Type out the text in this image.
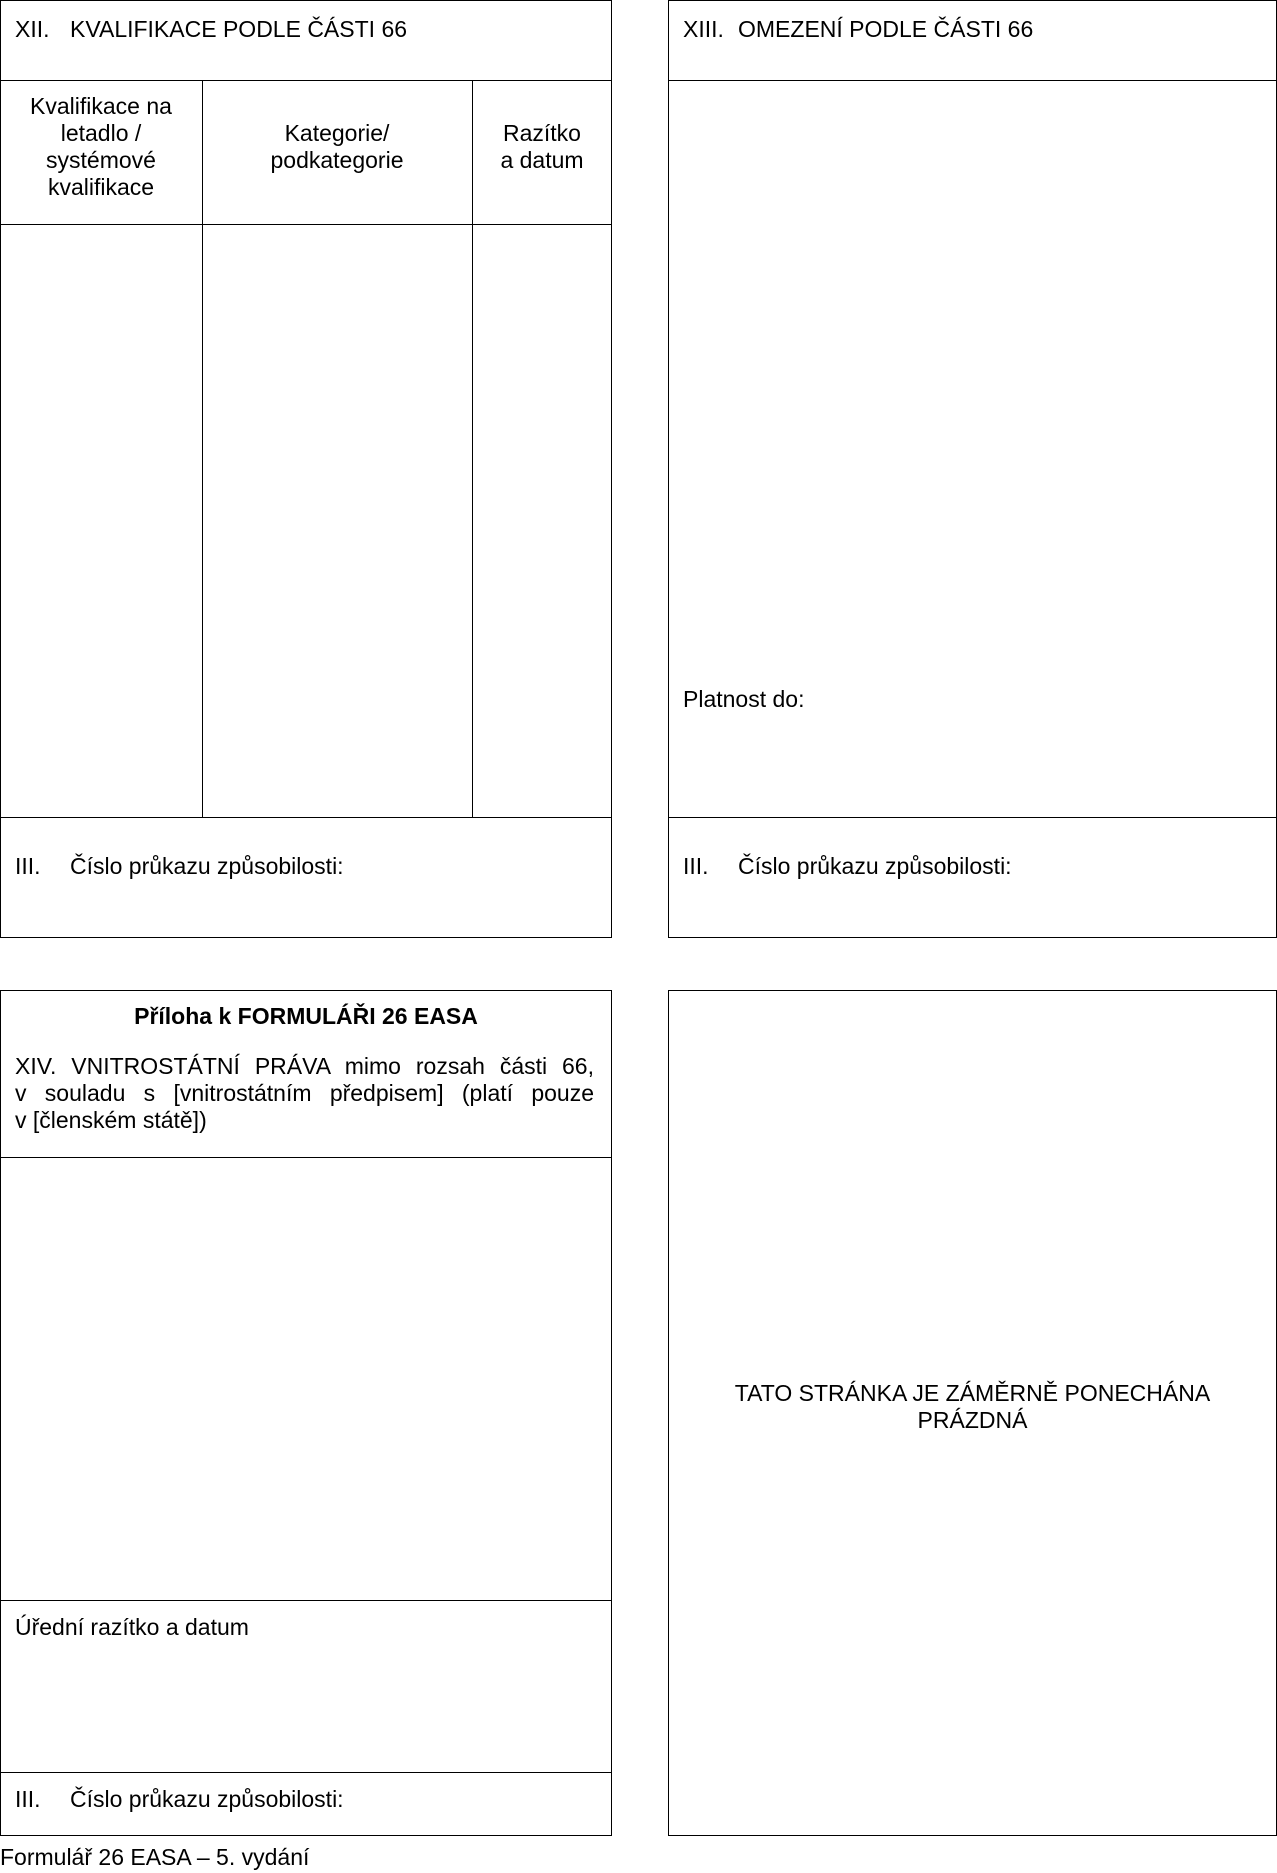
XII. KVALIFIKACE PODLE ČÁSTI 66
Kvalifikace na
letadlo /
systémové
kvalifikace
Kategorie/
podkategorie
Razítko
a datum
III. Číslo průkazu způsobilosti:
XIII. OMEZENÍ PODLE ČÁSTI 66
Platnost do:
III. Číslo průkazu způsobilosti:
Příloha k FORMULÁŘI 26 EASA
XIV. VNITROSTÁTNÍ PRÁVA mimo rozsah části 66,
v souladu s [vnitrostátním předpisem] (platí pouze
v [členském státě])
Úřední razítko a datum
III. Číslo průkazu způsobilosti:
TATO STRÁNKA JE ZÁMĚRNĚ PONECHÁNA
PRÁZDNÁ
Formulář 26 EASA – 5. vydání
